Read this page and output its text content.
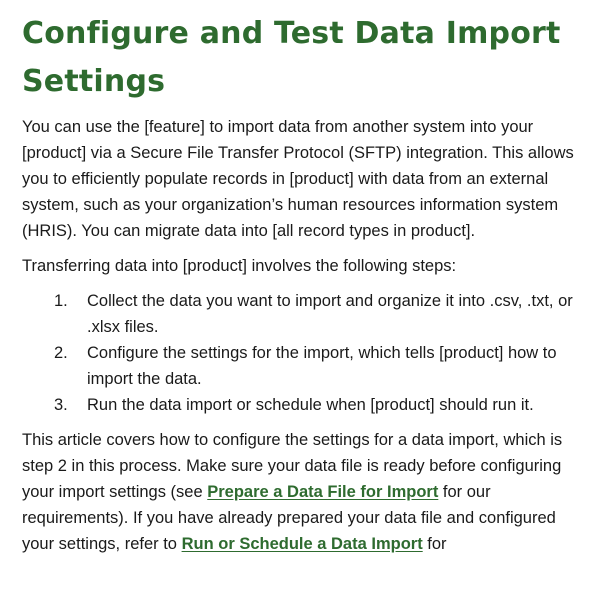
Configure and Test Data Import Settings

You can use the [feature] to import data from another system into your [product] via a Secure File Transfer Protocol (SFTP) integration. This allows you to efficiently populate records in [product] with data from an external system, such as your organization’s human resources information system (HRIS). You can migrate data into [all record types in product].

Transferring data into [product] involves the following steps:

1. Collect the data you want to import and organize it into .csv, .txt, or .xlsx files.
2. Configure the settings for the import, which tells [product] how to import the data.
3. Run the data import or schedule when [product] should run it.

This article covers how to configure the settings for a data import, which is step 2 in this process. Make sure your data file is ready before configuring your import settings (see Prepare a Data File for Import for our requirements). If you have already prepared your data file and configured your settings, refer to Run or Schedule a Data Import for
